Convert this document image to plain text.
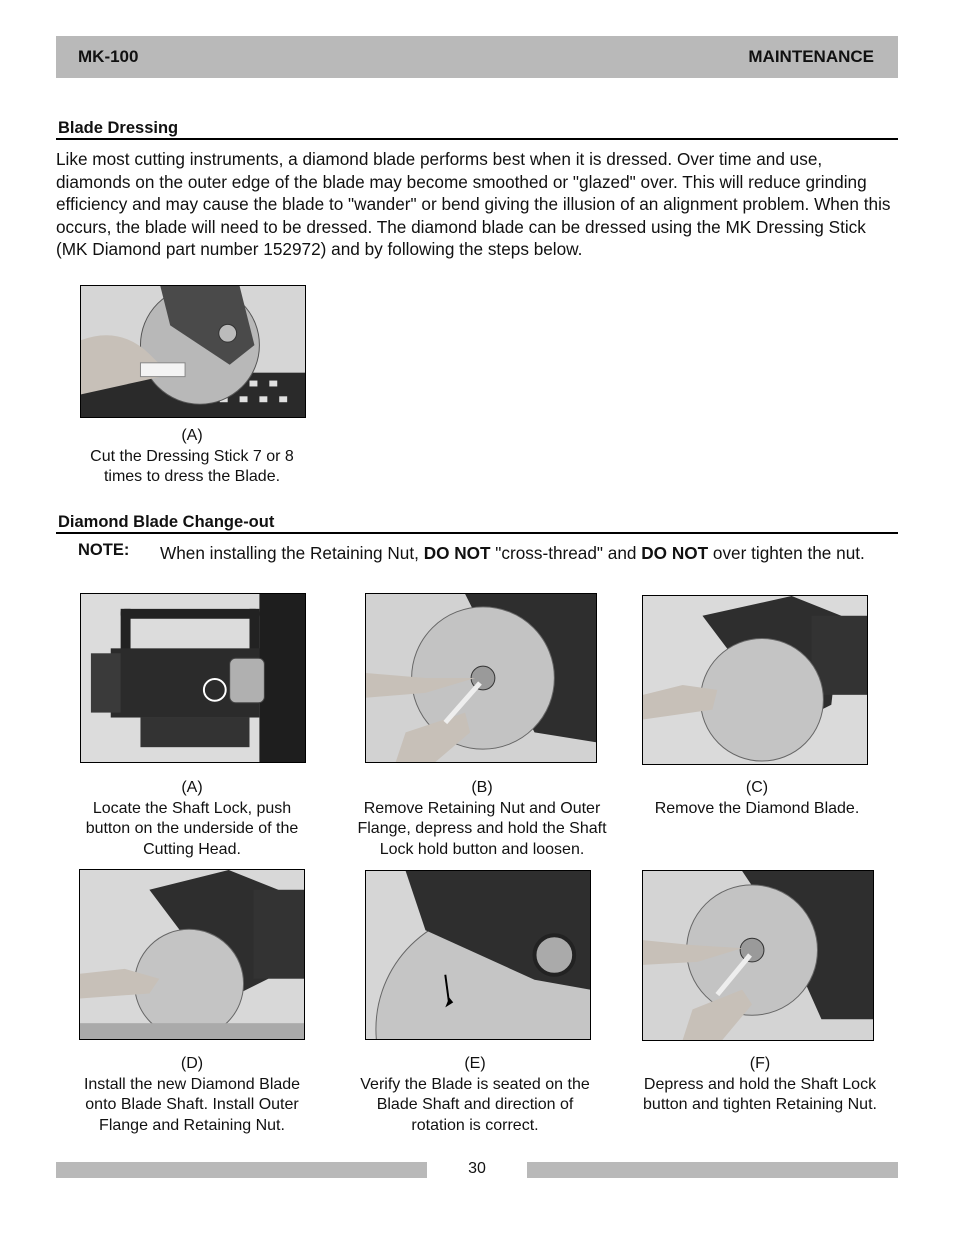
MK-100	MAINTENANCE
Blade Dressing
Like most cutting instruments, a diamond blade performs best when it is dressed. Over time and use, diamonds on the outer edge of the blade may become smoothed or "glazed" over. This will reduce grinding efficiency and may cause the blade to "wander" or bend giving the illusion of an alignment problem. When this occurs, the blade will need to be dressed. The diamond blade can be dressed using the MK Dressing Stick (MK Diamond part number 152972) and by following the steps below.
(A)
Cut the Dressing Stick 7 or 8 times to dress the Blade.
Diamond Blade Change-out
NOTE: When installing the Retaining Nut, DO NOT "cross-thread" and DO NOT over tighten the nut.
(A)
Locate the Shaft Lock, push button on the underside of the Cutting Head.
(B)
Remove Retaining Nut and Outer Flange, depress and hold the Shaft Lock hold button and loosen.
(C)
Remove the Diamond Blade.
(D)
Install the new Diamond Blade onto Blade Shaft. Install Outer Flange and Retaining Nut.
(E)
Verify the Blade is seated on the Blade Shaft and direction of rotation is correct.
(F)
Depress and hold the Shaft Lock button and tighten Retaining Nut.
30
